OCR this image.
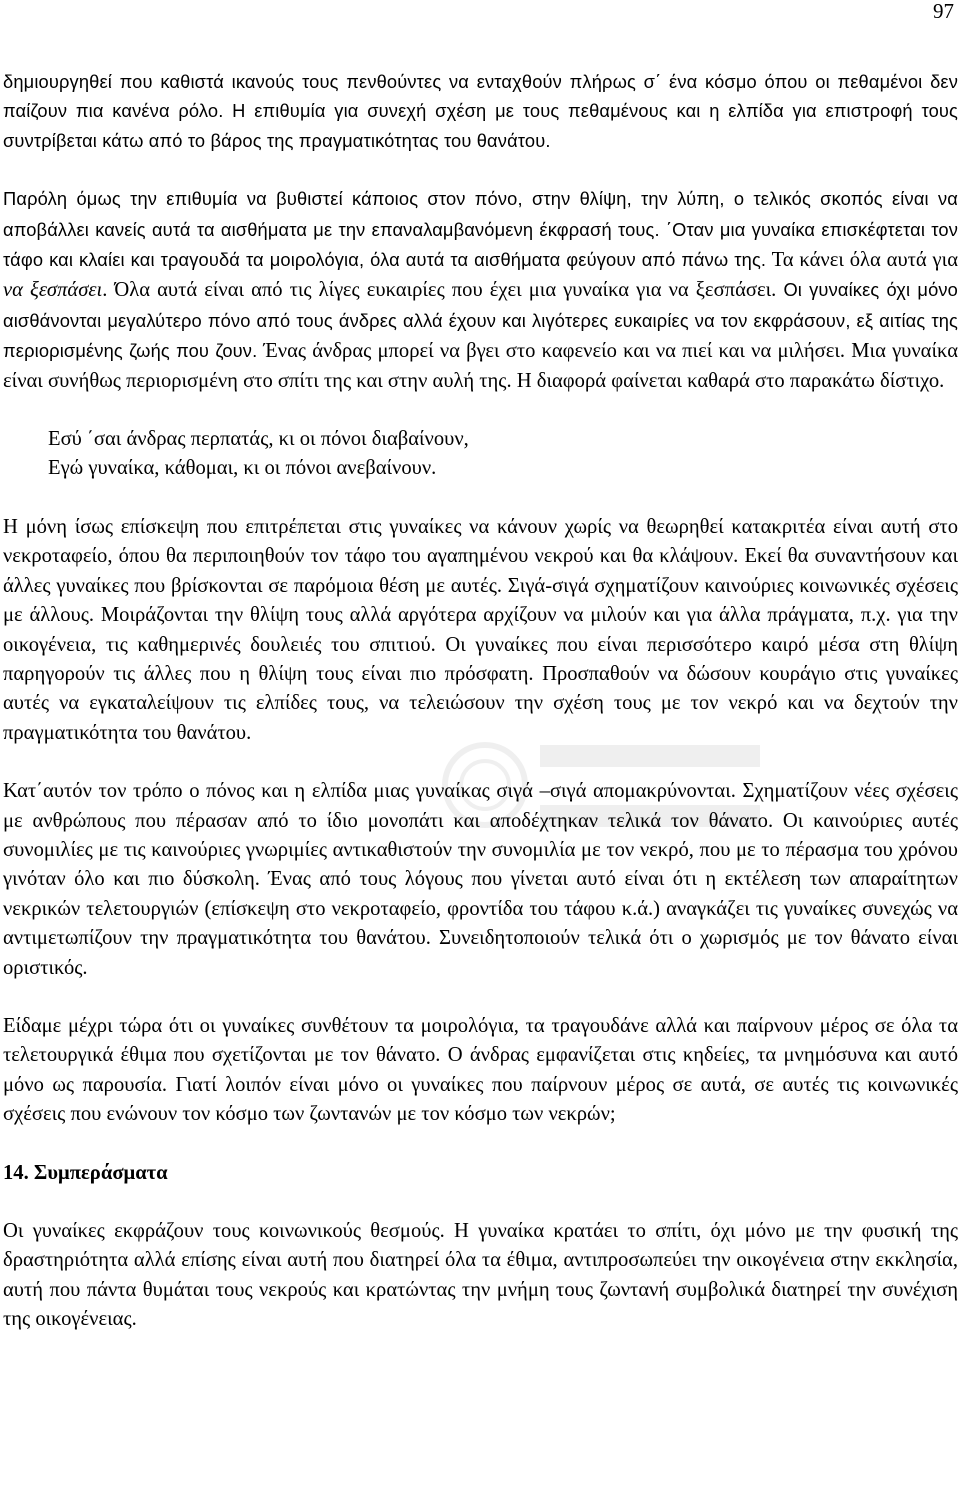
97

δημιουργηθεί που καθιστά ικανούς τους πενθούντες να ενταχθούν πλήρως σ΄ ένα κόσμο όπου οι πεθαμένοι δεν παίζουν πια κανένα ρόλο. Η επιθυμία για συνεχή σχέση με τους πεθαμένους και η ελπίδα για επιστροφή τους συντρίβεται κάτω από το βάρος της πραγματικότητας του θανάτου.

Παρόλη όμως την επιθυμία να βυθιστεί κάποιος στον πόνο, στην θλίψη, την λύπη, ο τελικός σκοπός είναι να αποβάλλει κανείς αυτά τα αισθήματα με την επαναλαμβανόμενη έκφρασή τους. ΄Οταν μια γυναίκα επισκέφτεται τον τάφο και κλαίει και τραγουδά τα μοιρολόγια, όλα αυτά τα αισθήματα φεύγουν από πάνω της. Τα κάνει όλα αυτά για να ξεσπάσει. Όλα αυτά είναι από τις λίγες ευκαιρίες που έχει μια γυναίκα για να ξεσπάσει. Οι γυναίκες όχι μόνο αισθάνονται μεγαλύτερο πόνο από τους άνδρες αλλά έχουν και λιγότερες ευκαιρίες να τον εκφράσουν, εξ αιτίας της περιορισμένης ζωής που ζουν. Ένας άνδρας μπορεί να βγει στο καφενείο και να πιεί και να μιλήσει. Μια γυναίκα είναι συνήθως περιορισμένη στο σπίτι της και στην αυλή της. Η διαφορά φαίνεται καθαρά στο παρακάτω δίστιχο.

Εσύ ΄σαι άνδρας περπατάς, κι οι πόνοι διαβαίνουν,
Εγώ γυναίκα, κάθομαι, κι οι πόνοι ανεβαίνουν.

Η μόνη ίσως επίσκεψη που επιτρέπεται στις γυναίκες να κάνουν χωρίς να θεωρηθεί κατακριτέα είναι αυτή στο νεκροταφείο, όπου θα περιποιηθούν τον τάφο του αγαπημένου νεκρού και θα κλάψουν. Εκεί θα συναντήσουν και άλλες γυναίκες που βρίσκονται σε παρόμοια θέση με αυτές. Σιγά-σιγά σχηματίζουν καινούριες κοινωνικές σχέσεις με άλλους. Μοιράζονται την θλίψη τους αλλά αργότερα αρχίζουν να μιλούν και για άλλα πράγματα, π.χ. για την οικογένεια, τις καθημερινές δουλειές του σπιτιού. Οι γυναίκες που είναι περισσότερο καιρό μέσα στη θλίψη παρηγορούν τις άλλες που η θλίψη τους είναι πιο πρόσφατη. Προσπαθούν να δώσουν κουράγιο στις γυναίκες αυτές να εγκαταλείψουν τις ελπίδες τους, να τελειώσουν την σχέση τους με τον νεκρό και να δεχτούν την πραγματικότητα του θανάτου.

Κατ΄αυτόν τον τρόπο ο πόνος και η ελπίδα μιας γυναίκας σιγά –σιγά απομακρύνονται. Σχηματίζουν νέες σχέσεις με ανθρώπους που πέρασαν από το ίδιο μονοπάτι και αποδέχτηκαν τελικά τον θάνατο. Οι καινούριες αυτές συνομιλίες με τις καινούριες γνωριμίες αντικαθιστούν την συνομιλία με τον νεκρό, που με το πέρασμα του χρόνου γινόταν όλο και πιο δύσκολη. Ένας από τους λόγους που γίνεται αυτό είναι ότι η εκτέλεση των απαραίτητων νεκρικών τελετουργιών (επίσκεψη στο νεκροταφείο, φροντίδα του τάφου κ.ά.) αναγκάζει τις γυναίκες συνεχώς να αντιμετωπίζουν την πραγματικότητα του θανάτου. Συνειδητοποιούν τελικά ότι ο χωρισμός με τον θάνατο είναι οριστικός.

Είδαμε μέχρι τώρα ότι οι γυναίκες συνθέτουν τα μοιρολόγια, τα τραγουδάνε αλλά και παίρνουν μέρος σε όλα τα τελετουργικά έθιμα που σχετίζονται με τον θάνατο. Ο άνδρας εμφανίζεται στις κηδείες, τα μνημόσυνα και αυτό μόνο ως παρουσία. Γιατί λοιπόν είναι μόνο οι γυναίκες που παίρνουν μέρος σε αυτά, σε αυτές τις κοινωνικές σχέσεις που ενώνουν τον κόσμο των ζωντανών με τον κόσμο των νεκρών;

14. Συμπεράσματα

Οι γυναίκες εκφράζουν τους κοινωνικούς θεσμούς. Η γυναίκα κρατάει το σπίτι, όχι μόνο με την φυσική της δραστηριότητα αλλά επίσης είναι αυτή που διατηρεί όλα τα έθιμα, αντιπροσωπεύει την οικογένεια στην εκκλησία, αυτή που πάντα θυμάται τους νεκρούς και κρατώντας την μνήμη τους ζωντανή συμβολικά διατηρεί την συνέχιση της οικογένειας.
